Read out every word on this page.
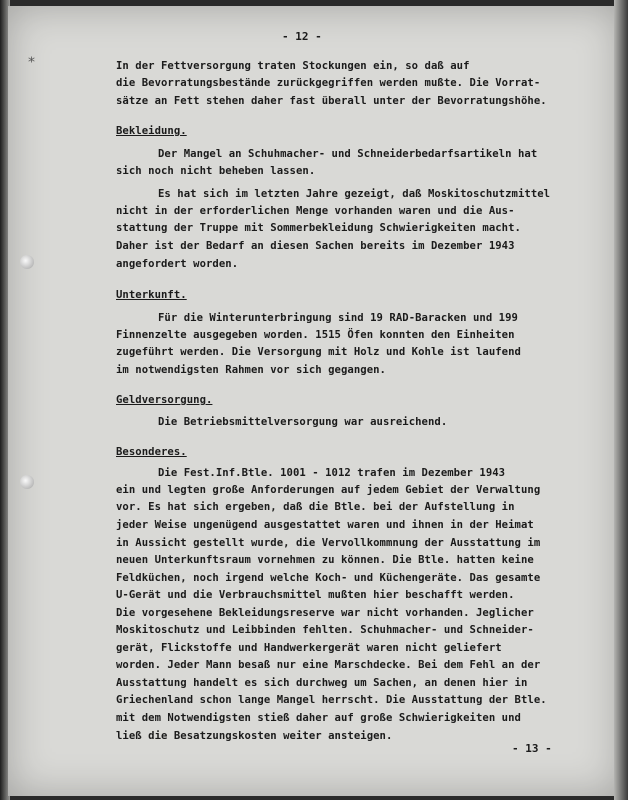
⁎
- 12 -
In der Fettversorgung traten Stockungen ein, so daß auf
die Bevorratungsbestände zurückgegriffen werden mußte. Die Vorrat-
sätze an Fett stehen daher fast überall unter der Bevorratungshöhe.
Bekleidung.
Der Mangel an Schuhmacher- und Schneiderbedarfsartikeln hat
sich noch nicht beheben lassen.
Es hat sich im letzten Jahre gezeigt, daß Moskitoschutzmittel
nicht in der erforderlichen Menge vorhanden waren und die Aus-
stattung der Truppe mit Sommerbekleidung Schwierigkeiten macht.
Daher ist der Bedarf an diesen Sachen bereits im Dezember 1943
angefordert worden.
Unterkunft.
Für die Winterunterbringung sind 19 RAD-Baracken und 199
Finnenzelte ausgegeben worden. 1515 Öfen konnten den Einheiten
zugeführt werden. Die Versorgung mit Holz und Kohle ist laufend
im notwendigsten Rahmen vor sich gegangen.
Geldversorgung.
Die Betriebsmittelversorgung war ausreichend.
Besonderes.
Die Fest.Inf.Btle. 1001 - 1012 trafen im Dezember 1943
ein und legten große Anforderungen auf jedem Gebiet der Verwaltung
vor. Es hat sich ergeben, daß die Btle. bei der Aufstellung in
jeder Weise ungenügend ausgestattet waren und ihnen in der Heimat
in Aussicht gestellt wurde, die Vervollkommnung der Ausstattung im
neuen Unterkunftsraum vornehmen zu können. Die Btle. hatten keine
Feldküchen, noch irgend welche Koch- und Küchengeräte. Das gesamte
U-Gerät und die Verbrauchsmittel mußten hier beschafft werden.
Die vorgesehene Bekleidungsreserve war nicht vorhanden. Jeglicher
Moskitoschutz und Leibbinden fehlten. Schuhmacher- und Schneider-
gerät, Flickstoffe und Handwerkergerät waren nicht geliefert
worden. Jeder Mann besaß nur eine Marschdecke. Bei dem Fehl an der
Ausstattung handelt es sich durchweg um Sachen, an denen hier in
Griechenland schon lange Mangel herrscht. Die Ausstattung der Btle.
mit dem Notwendigsten stieß daher auf große Schwierigkeiten und
ließ die Besatzungskosten weiter ansteigen.
- 13 -
